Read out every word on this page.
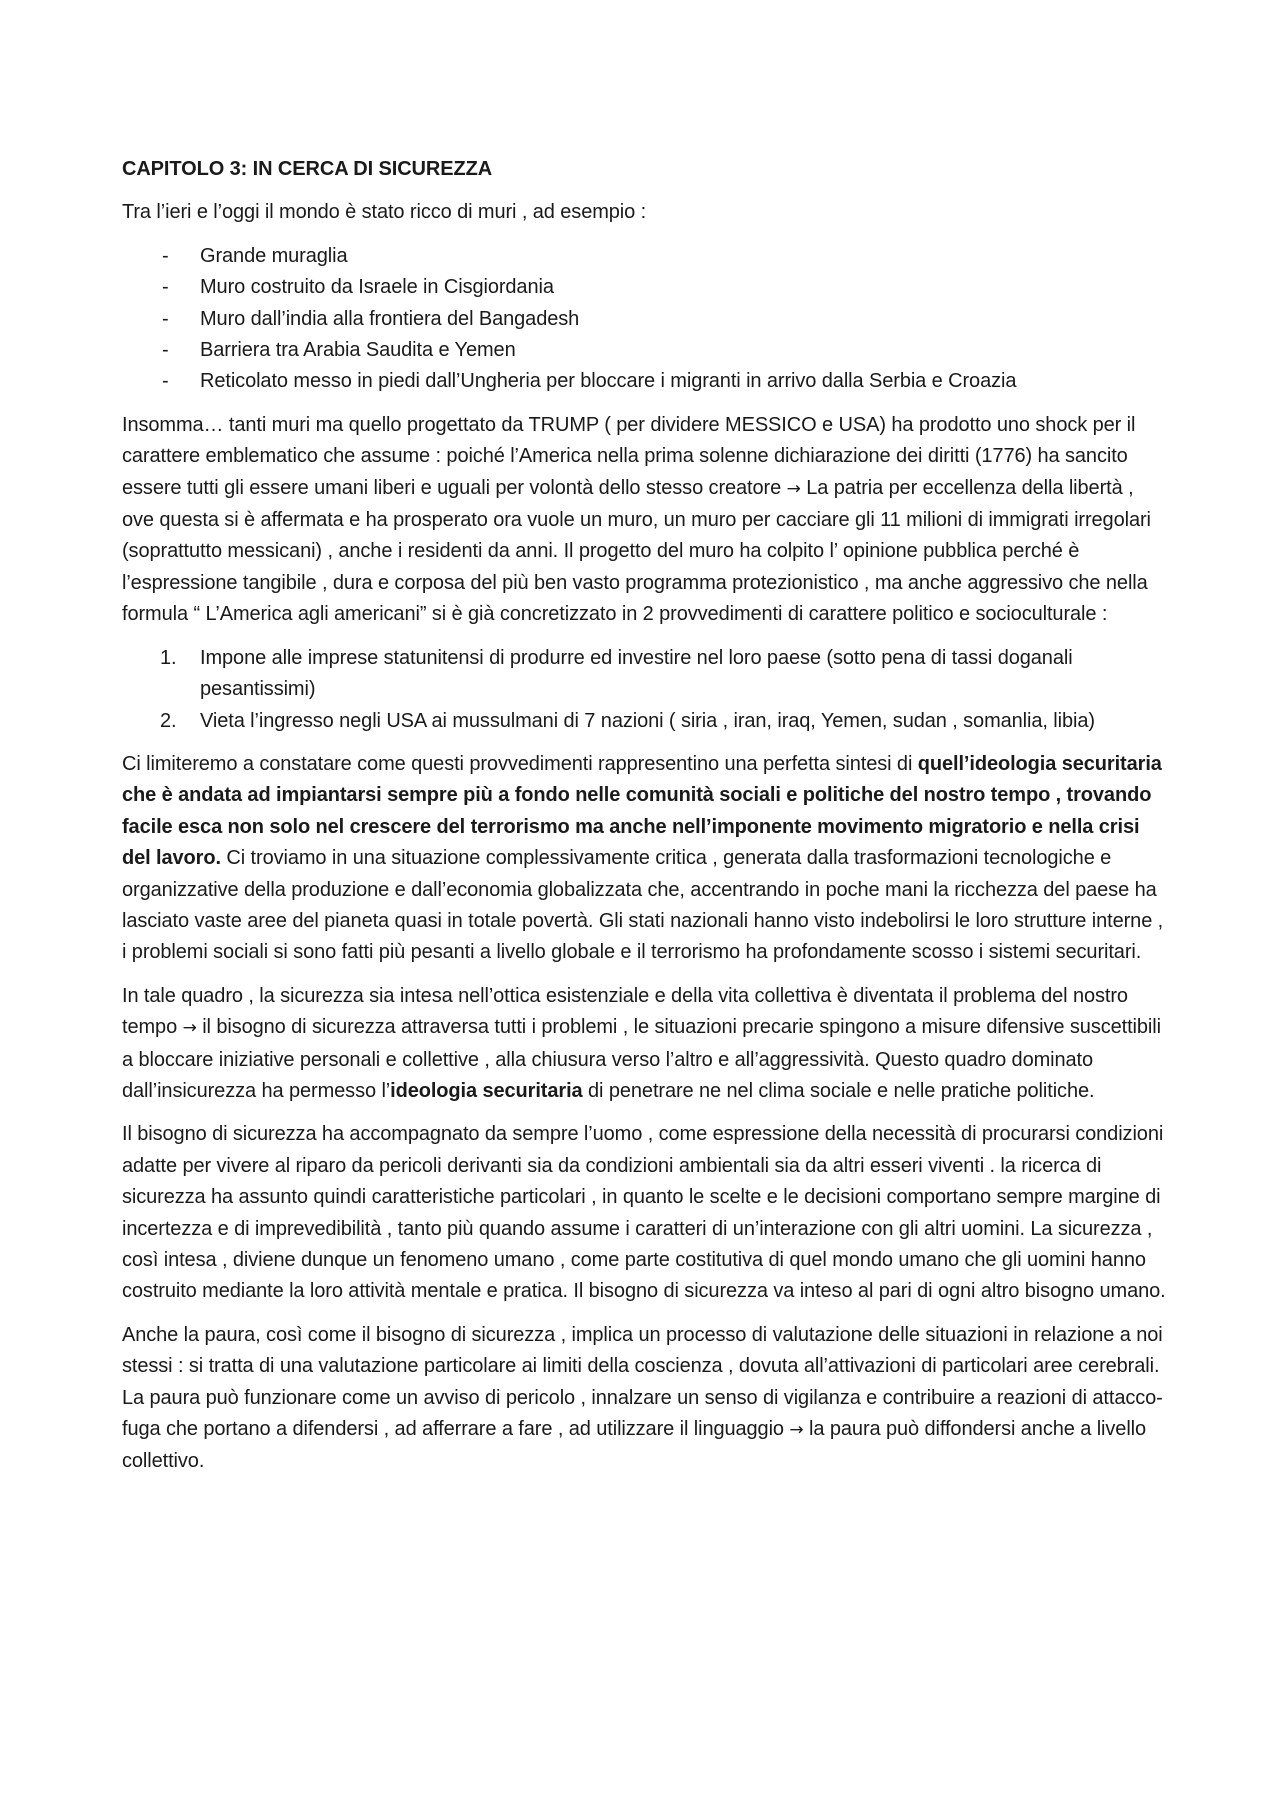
CAPITOLO 3: IN CERCA DI SICUREZZA

Tra l’ieri e l’oggi il mondo è stato ricco di muri , ad esempio :

- Grande muraglia
- Muro costruito da Israele in Cisgiordania
- Muro dall’india alla frontiera del Bangadesh
- Barriera tra Arabia Saudita e Yemen
- Reticolato messo in piedi dall’Ungheria per bloccare i migranti in arrivo dalla Serbia e Croazia

Insomma… tanti muri ma quello progettato da TRUMP ( per dividere MESSICO e USA) ha prodotto uno shock per il carattere emblematico che assume : poiché l’America nella prima solenne dichiarazione dei diritti (1776) ha sancito essere tutti gli essere umani liberi e uguali per volontà dello stesso creatore → La patria per eccellenza della libertà , ove questa si è affermata e ha prosperato ora vuole un muro, un muro per cacciare gli 11 milioni di immigrati irregolari (soprattutto messicani) , anche i residenti da anni. Il progetto del muro ha colpito l’ opinione pubblica perché è l’espressione tangibile , dura e corposa del più ben vasto programma protezionistico , ma anche aggressivo che nella formula “ L’America agli americani” si è già concretizzato in 2 provvedimenti di carattere politico e socioculturale :

1. Impone alle imprese statunitensi di produrre ed investire nel loro paese (sotto pena di tassi doganali pesantissimi)
2. Vieta l’ingresso negli USA ai mussulmani di 7 nazioni ( siria , iran, iraq, Yemen, sudan , somanlia, libia)

Ci limiteremo a constatare come questi provvedimenti rappresentino una perfetta sintesi di quell’ideologia securitaria che è andata ad impiantarsi sempre più a fondo nelle comunità sociali e politiche del nostro tempo , trovando facile esca non solo nel crescere del terrorismo ma anche nell’imponente movimento migratorio e nella crisi del lavoro. Ci troviamo in una situazione complessivamente critica , generata dalla trasformazioni tecnologiche e organizzative della produzione e dall’economia globalizzata che, accentrando in poche mani la ricchezza del paese ha lasciato vaste aree del pianeta quasi in totale povertà. Gli stati nazionali hanno visto indebolirsi le loro strutture interne , i problemi sociali si sono fatti più pesanti a livello globale e il terrorismo ha profondamente scosso i sistemi securitari.

In tale quadro , la sicurezza sia intesa nell’ottica esistenziale e della vita collettiva è diventata il problema del nostro tempo → il bisogno di sicurezza attraversa tutti i problemi , le situazioni precarie spingono a misure difensive suscettibili a bloccare iniziative personali e collettive , alla chiusura verso l’altro e all’aggressività. Questo quadro dominato dall’insicurezza ha permesso l’ideologia securitaria di penetrare ne nel clima sociale e nelle pratiche politiche.

Il bisogno di sicurezza ha accompagnato da sempre l’uomo , come espressione della necessità di procurarsi condizioni adatte per vivere al riparo da pericoli derivanti sia da condizioni ambientali sia da altri esseri viventi . la ricerca di sicurezza ha assunto quindi caratteristiche particolari , in quanto le scelte e le decisioni comportano sempre margine di incertezza e di imprevedibilità , tanto più quando assume i caratteri di un’interazione con gli altri uomini. La sicurezza , così intesa , diviene dunque un fenomeno umano , come parte costitutiva di quel mondo umano che gli uomini hanno costruito mediante la loro attività mentale e pratica. Il bisogno di sicurezza va inteso al pari di ogni altro bisogno umano.

Anche la paura, così come il bisogno di sicurezza , implica un processo di valutazione delle situazioni in relazione a noi stessi : si tratta di una valutazione particolare ai limiti della coscienza , dovuta all’attivazioni di particolari aree cerebrali. La paura può funzionare come un avviso di pericolo , innalzare un senso di vigilanza e contribuire a reazioni di attacco- fuga che portano a difendersi , ad afferrare a fare , ad utilizzare il linguaggio → la paura può diffondersi anche a livello collettivo.
